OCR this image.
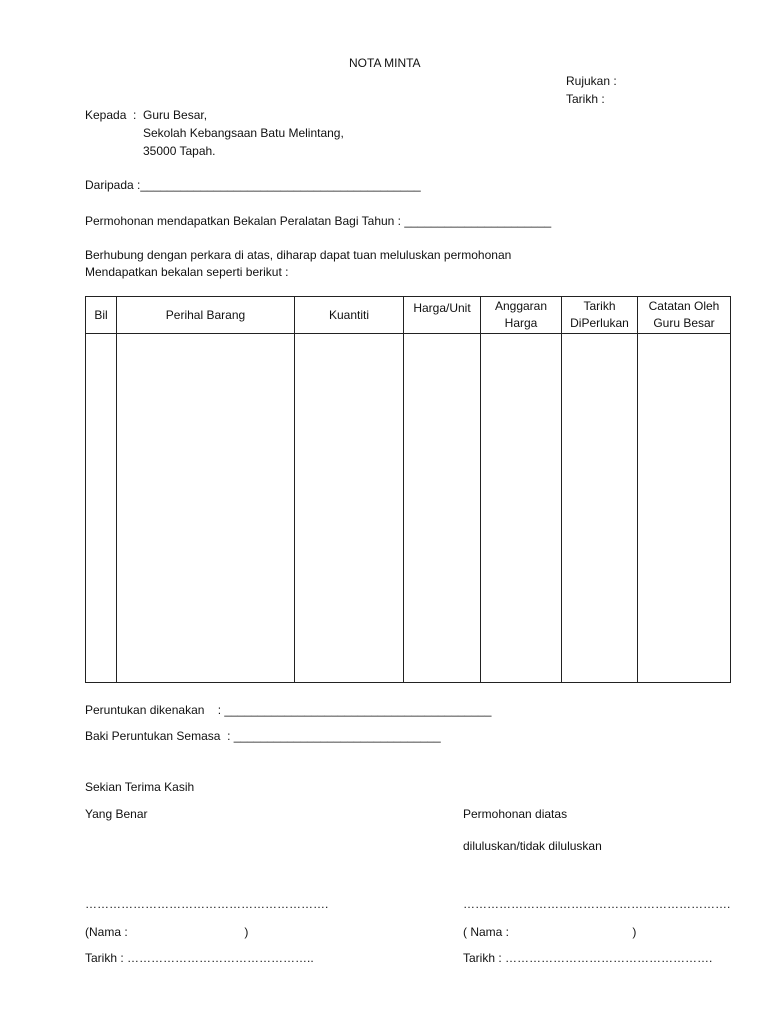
NOTA MINTA
Rujukan :
Tarikh :
Kepada  : Guru Besar,
Sekolah Kebangsaan Batu Melintang,
35000 Tapah.
Daripada :__________________________________________
Permohonan mendapatkan Bekalan Peralatan Bagi Tahun : ______________________
Berhubung dengan perkara di atas, diharap dapat tuan meluluskan permohonan
Mendapatkan bekalan seperti berikut :
Bil	Perihal Barang	Kuantiti	Harga/Unit	Anggaran Harga	Tarikh DiPerlukan	Catatan Oleh Guru Besar

Peruntukan dikenakan    : ________________________________________
Baki Peruntukan Semasa  : _______________________________
Sekian Terima Kasih
Yang Benar	Permohonan diatas
diluluskan/tidak diluluskan
…………………………………………………….
(Nama :                                   )
Tarikh : ………………………………………..
………………………………………………………….
( Nama :                                     )
Tarikh : …………………………………………….
